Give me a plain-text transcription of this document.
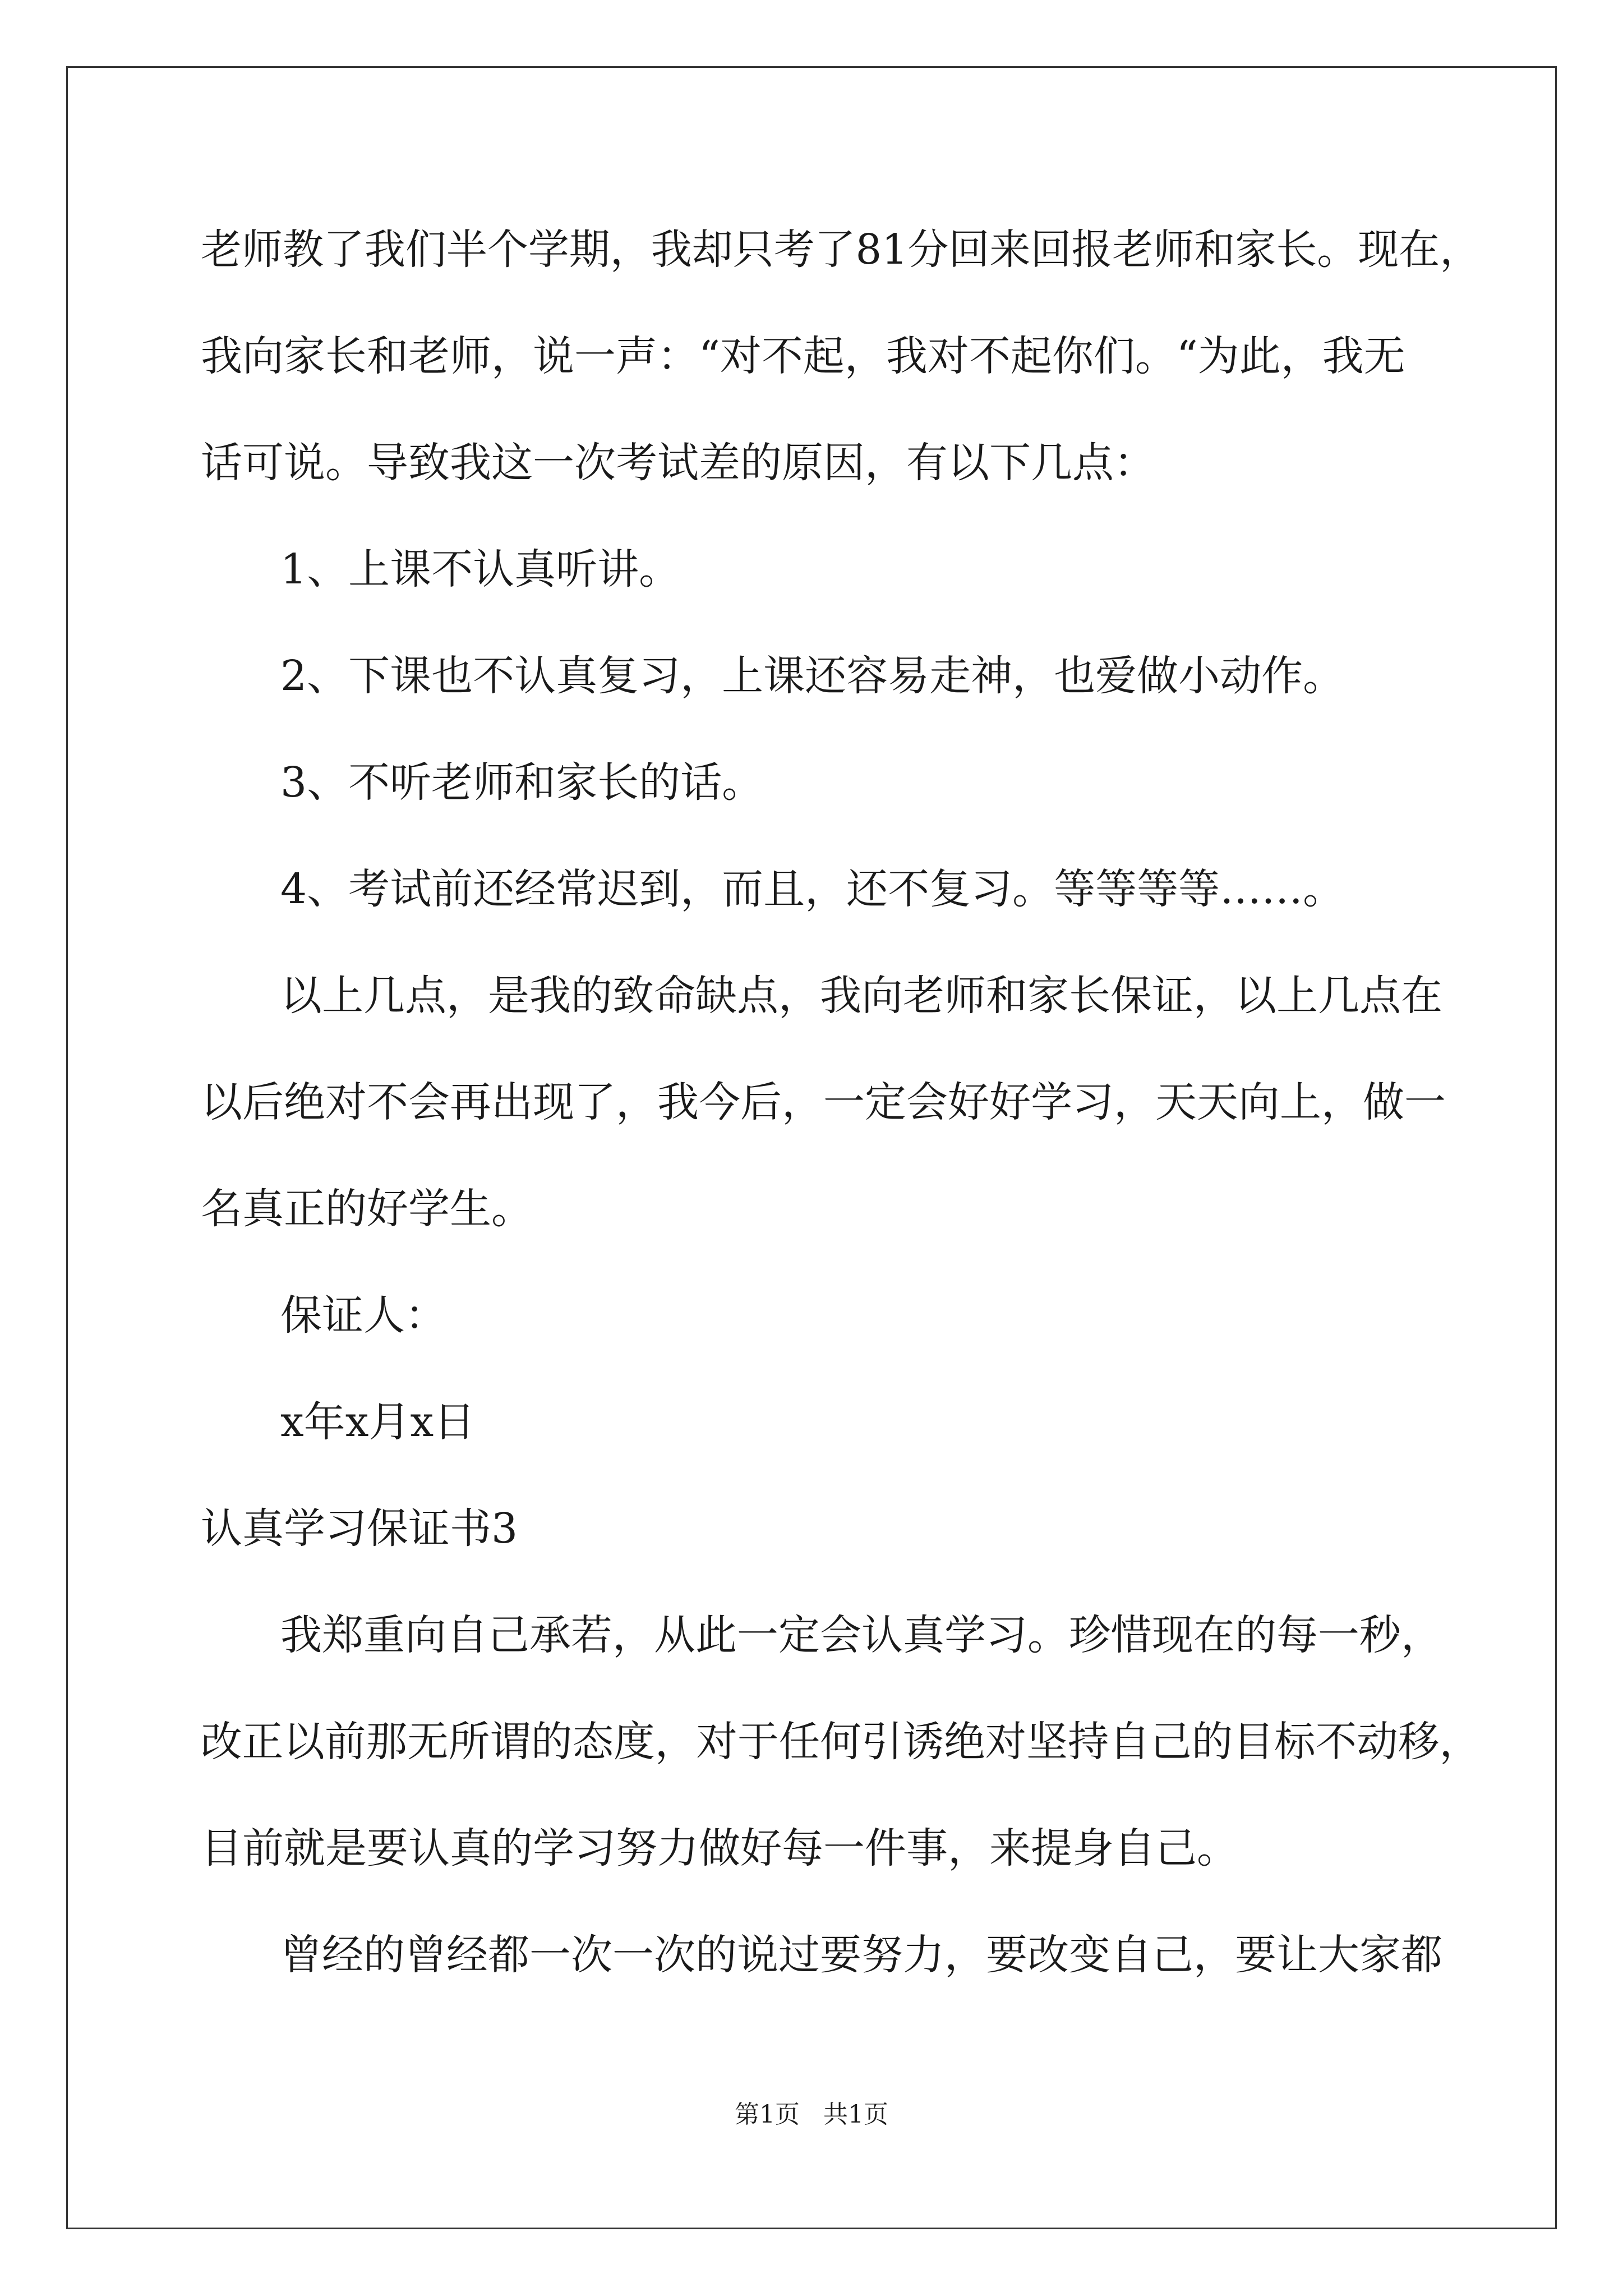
老师教了我们半个学期，我却只考了81分回来回报老师和家长。现在，
我向家长和老师，说一声：“对不起，我对不起你们。“为此，我无
话可说。导致我这一次考试差的原因，有以下几点：
1、上课不认真听讲。
2、下课也不认真复习，上课还容易走神，也爱做小动作。
3、不听老师和家长的话。
4、考试前还经常迟到，而且，还不复习。等等等等……。
以上几点，是我的致命缺点，我向老师和家长保证，以上几点在
以后绝对不会再出现了，我今后，一定会好好学习，天天向上，做一
名真正的好学生。
保证人：
x年x月x日
认真学习保证书3
我郑重向自己承若，从此一定会认真学习。珍惜现在的每一秒，
改正以前那无所谓的态度，对于任何引诱绝对坚持自己的目标不动移，
目前就是要认真的学习努力做好每一件事，来提身自己。
曾经的曾经都一次一次的说过要努力，要改变自己，要让大家都
第1页   共1页
